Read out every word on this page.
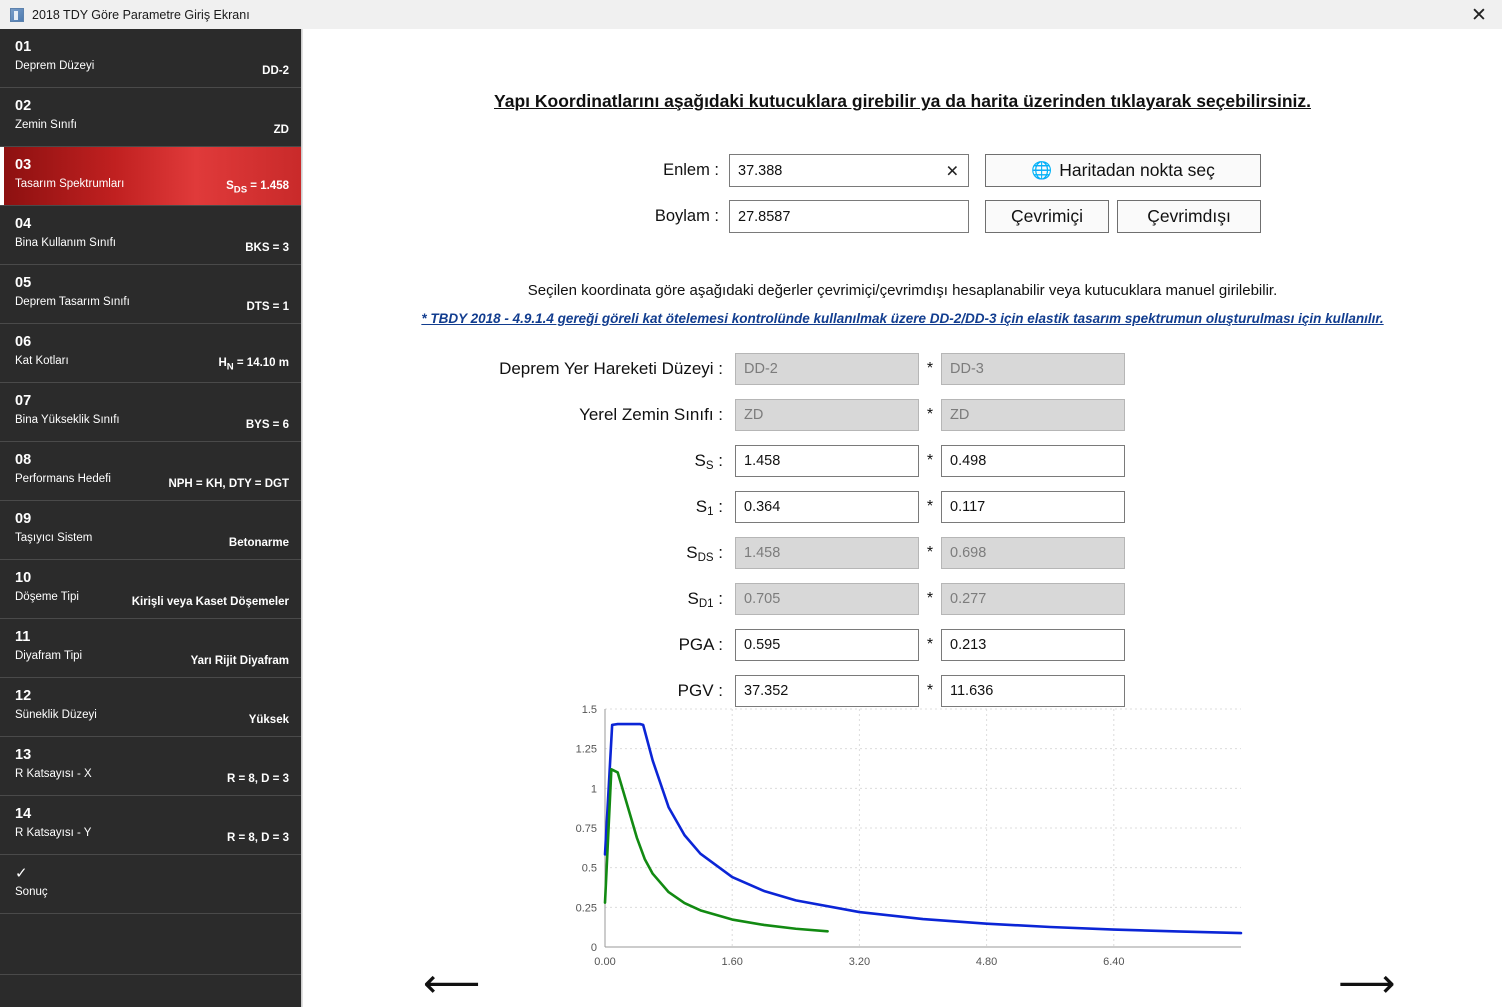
2018 TDY Göre Parametre Giriş Ekranı	✕
01
Deprem Düzeyi	DD-2
02
Zemin Sınıfı	ZD
03
Tasarım Spektrumları	$S_{DS} = 1.458$
04
Bina Kullanım Sınıfı	BKS = 3
05
Deprem Tasarım Sınıfı	DTS = 1
06
Kat Kotları	$H_N = 14.10$ m
07
Bina Yükseklik Sınıfı	BYS = 6
08
Performans Hedefi	NPH = KH, DTY = DGT
09
Taşıyıcı Sistem	Betonarme
10
Döşeme Tipi	Kirişli veya Kaset Döşemeler
11
Diyafram Tipi	Yarı Rijit Diyafram
12
Süneklik Düzeyi	Yüksek
13
R Katsayısı - X	R = 8, D = 3
14
R Katsayısı - Y	R = 8, D = 3
✓
Sonuç
Yapı Koordinatlarını aşağıdaki kutucuklara girebilir ya da harita üzerinden tıklayarak seçebilirsiniz.
Enlem :	37.388	✕	🌐 Haritadan nokta seç
Boylam :	27.8587	Çevrimiçi	Çevrimdışı
Seçilen koordinata göre aşağıdaki değerler çevrimiçi/çevrimdışı hesaplanabilir veya kutucuklara manuel girilebilir.
* TBDY 2018 - 4.9.1.4 gereği göreli kat ötelemesi kontrolünde kullanılmak üzere DD-2/DD-3 için elastik tasarım spektrumun oluşturulması için kullanılır.
Deprem Yer Hareketi Düzeyi :	DD-2	*	DD-3
Yerel Zemin Sınıfı :	ZD	*	ZD
$S_S$ :	1.458	*	0.498
$S_1$ :	0.364	*	0.117
$S_{DS}$ :	1.458	*	0.698
$S_{D1}$ :	0.705	*	0.277
PGA :	0.595	*	0.213
PGV :	37.352	*	11.636
0
0.25
0.5
0.75
1
1.25
1.5
0.00	1.60	3.20	4.80	6.40
⟵	⟶
